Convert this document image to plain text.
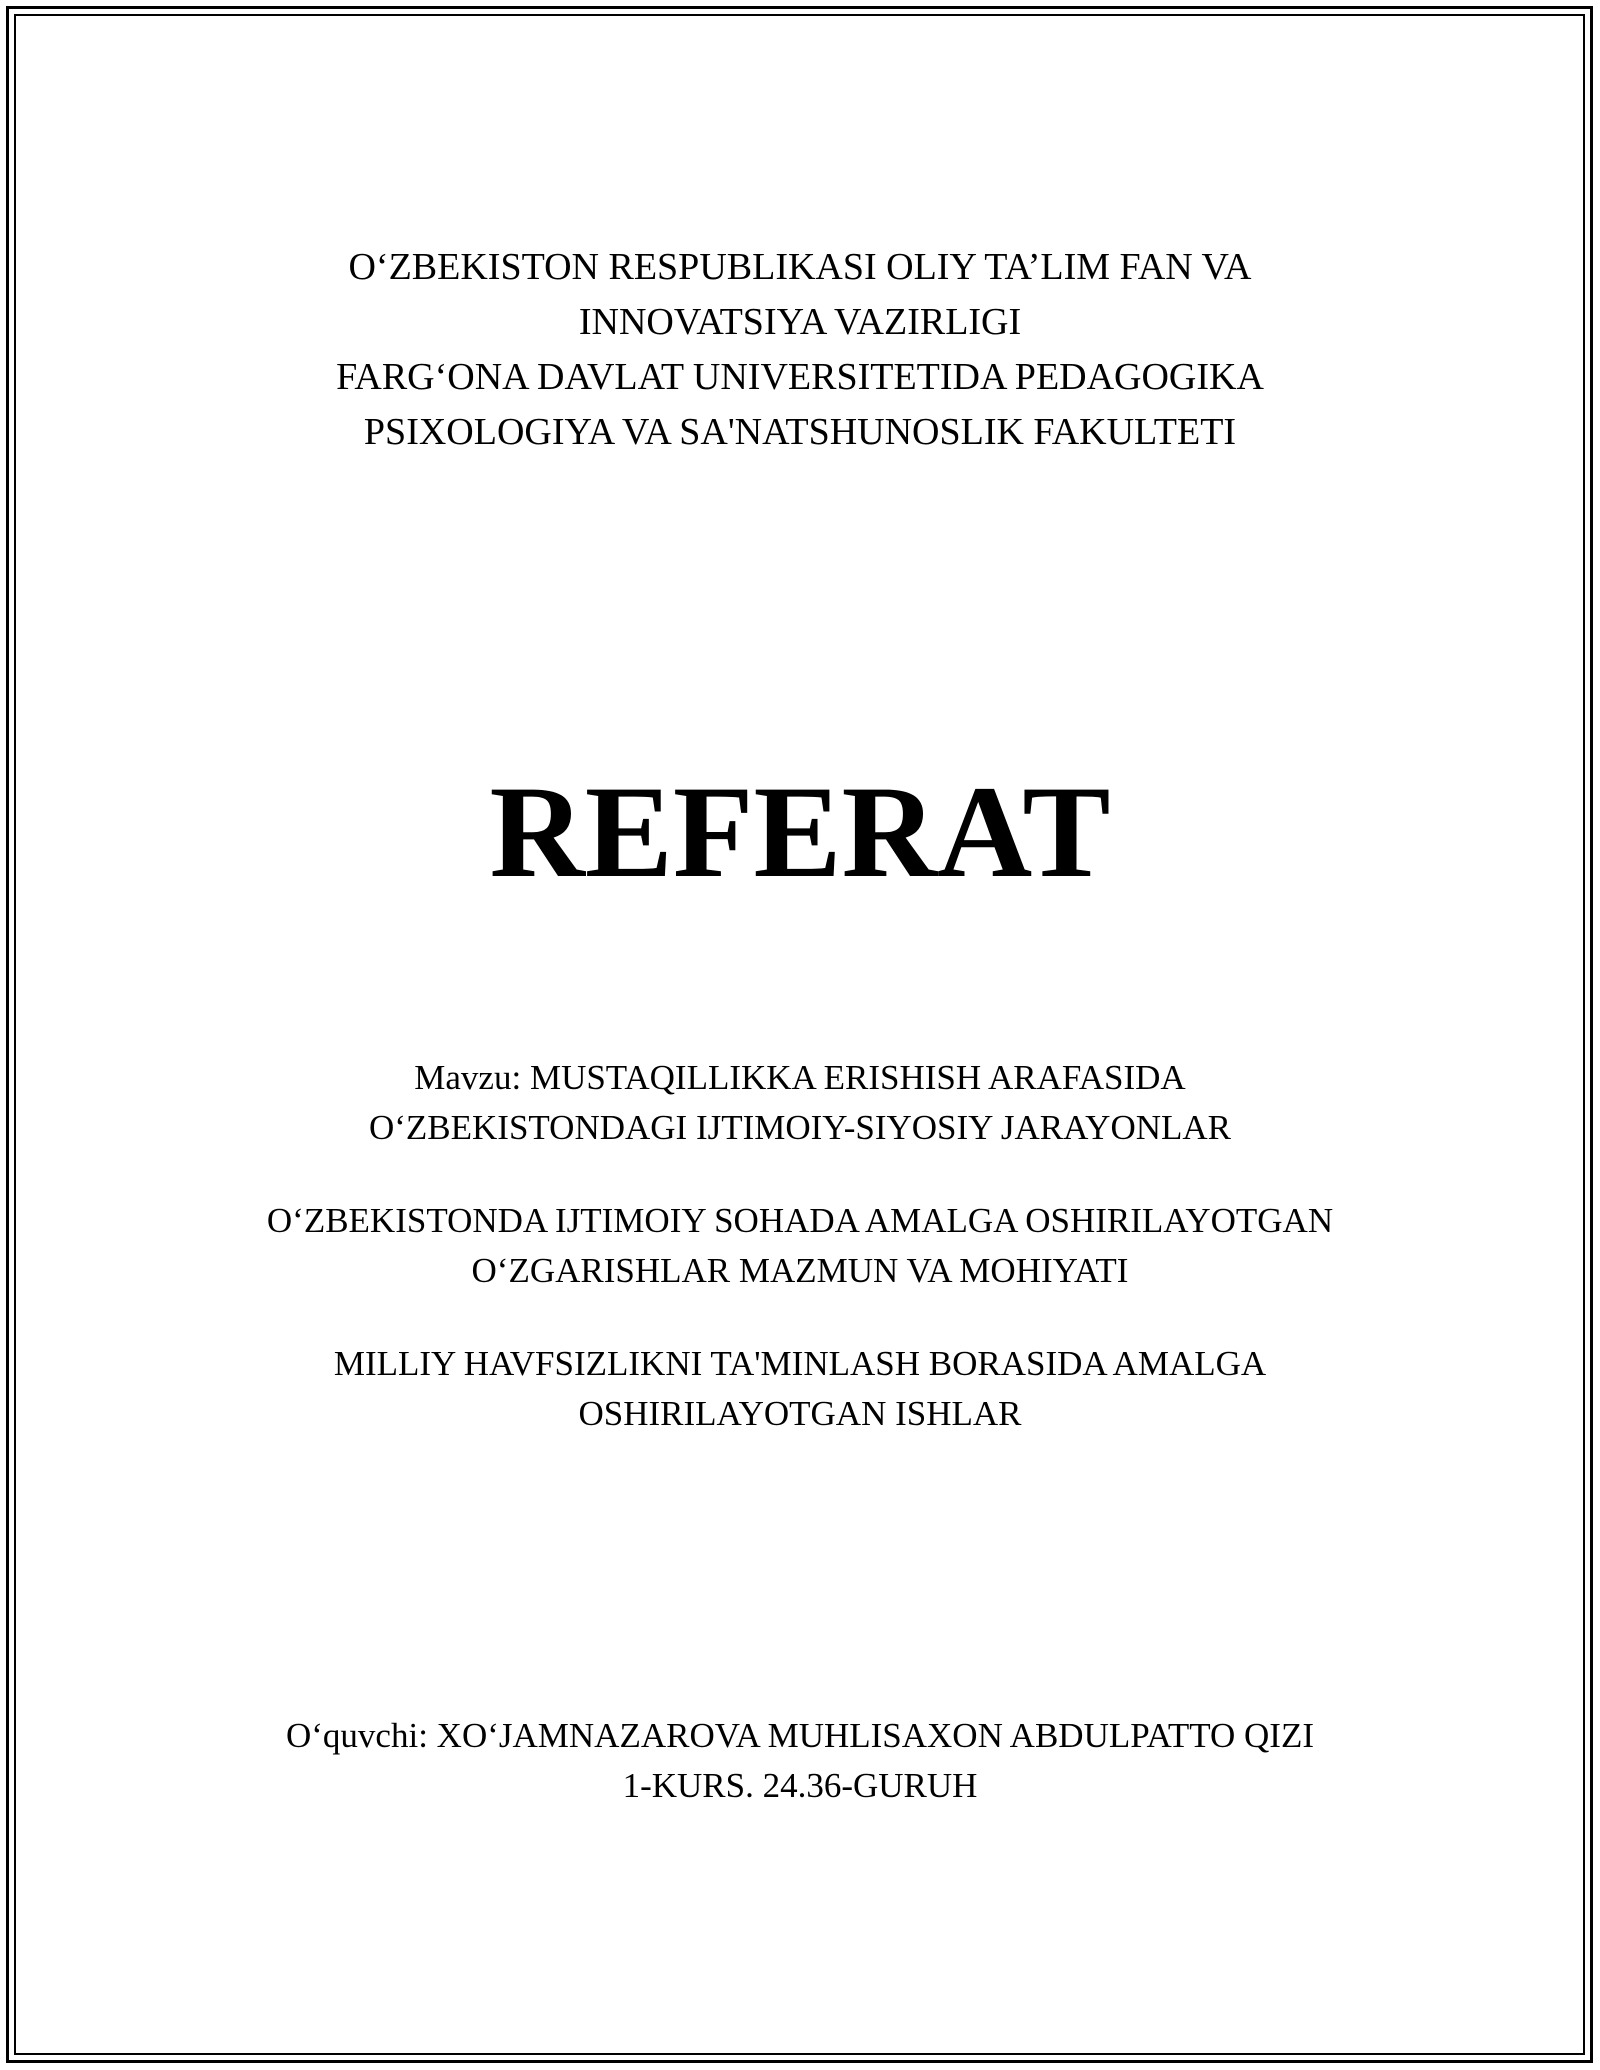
O‘ZBEKISTON RESPUBLIKASI OLIY TA’LIM FAN VA
INNOVATSIYA VAZIRLIGI
FARG‘ONA DAVLAT UNIVERSITETIDA PEDAGOGIKA
PSIXOLOGIYA VA SA'NATSHUNOSLIK FAKULTETI
REFERAT
Mavzu: MUSTAQILLIKKA ERISHISH ARAFASIDA
O‘ZBEKISTONDAGI IJTIMOIY-SIYOSIY JARAYONLAR
O‘ZBEKISTONDA IJTIMOIY SOHADA AMALGA OSHIRILAYOTGAN
O‘ZGARISHLAR MAZMUN VA MOHIYATI
MILLIY HAVFSIZLIKNI TA'MINLASH BORASIDA AMALGA
OSHIRILAYOTGAN ISHLAR
O‘quvchi: XO‘JAMNAZAROVA MUHLISAXON ABDULPATTO QIZI
1-KURS. 24.36-GURUH
